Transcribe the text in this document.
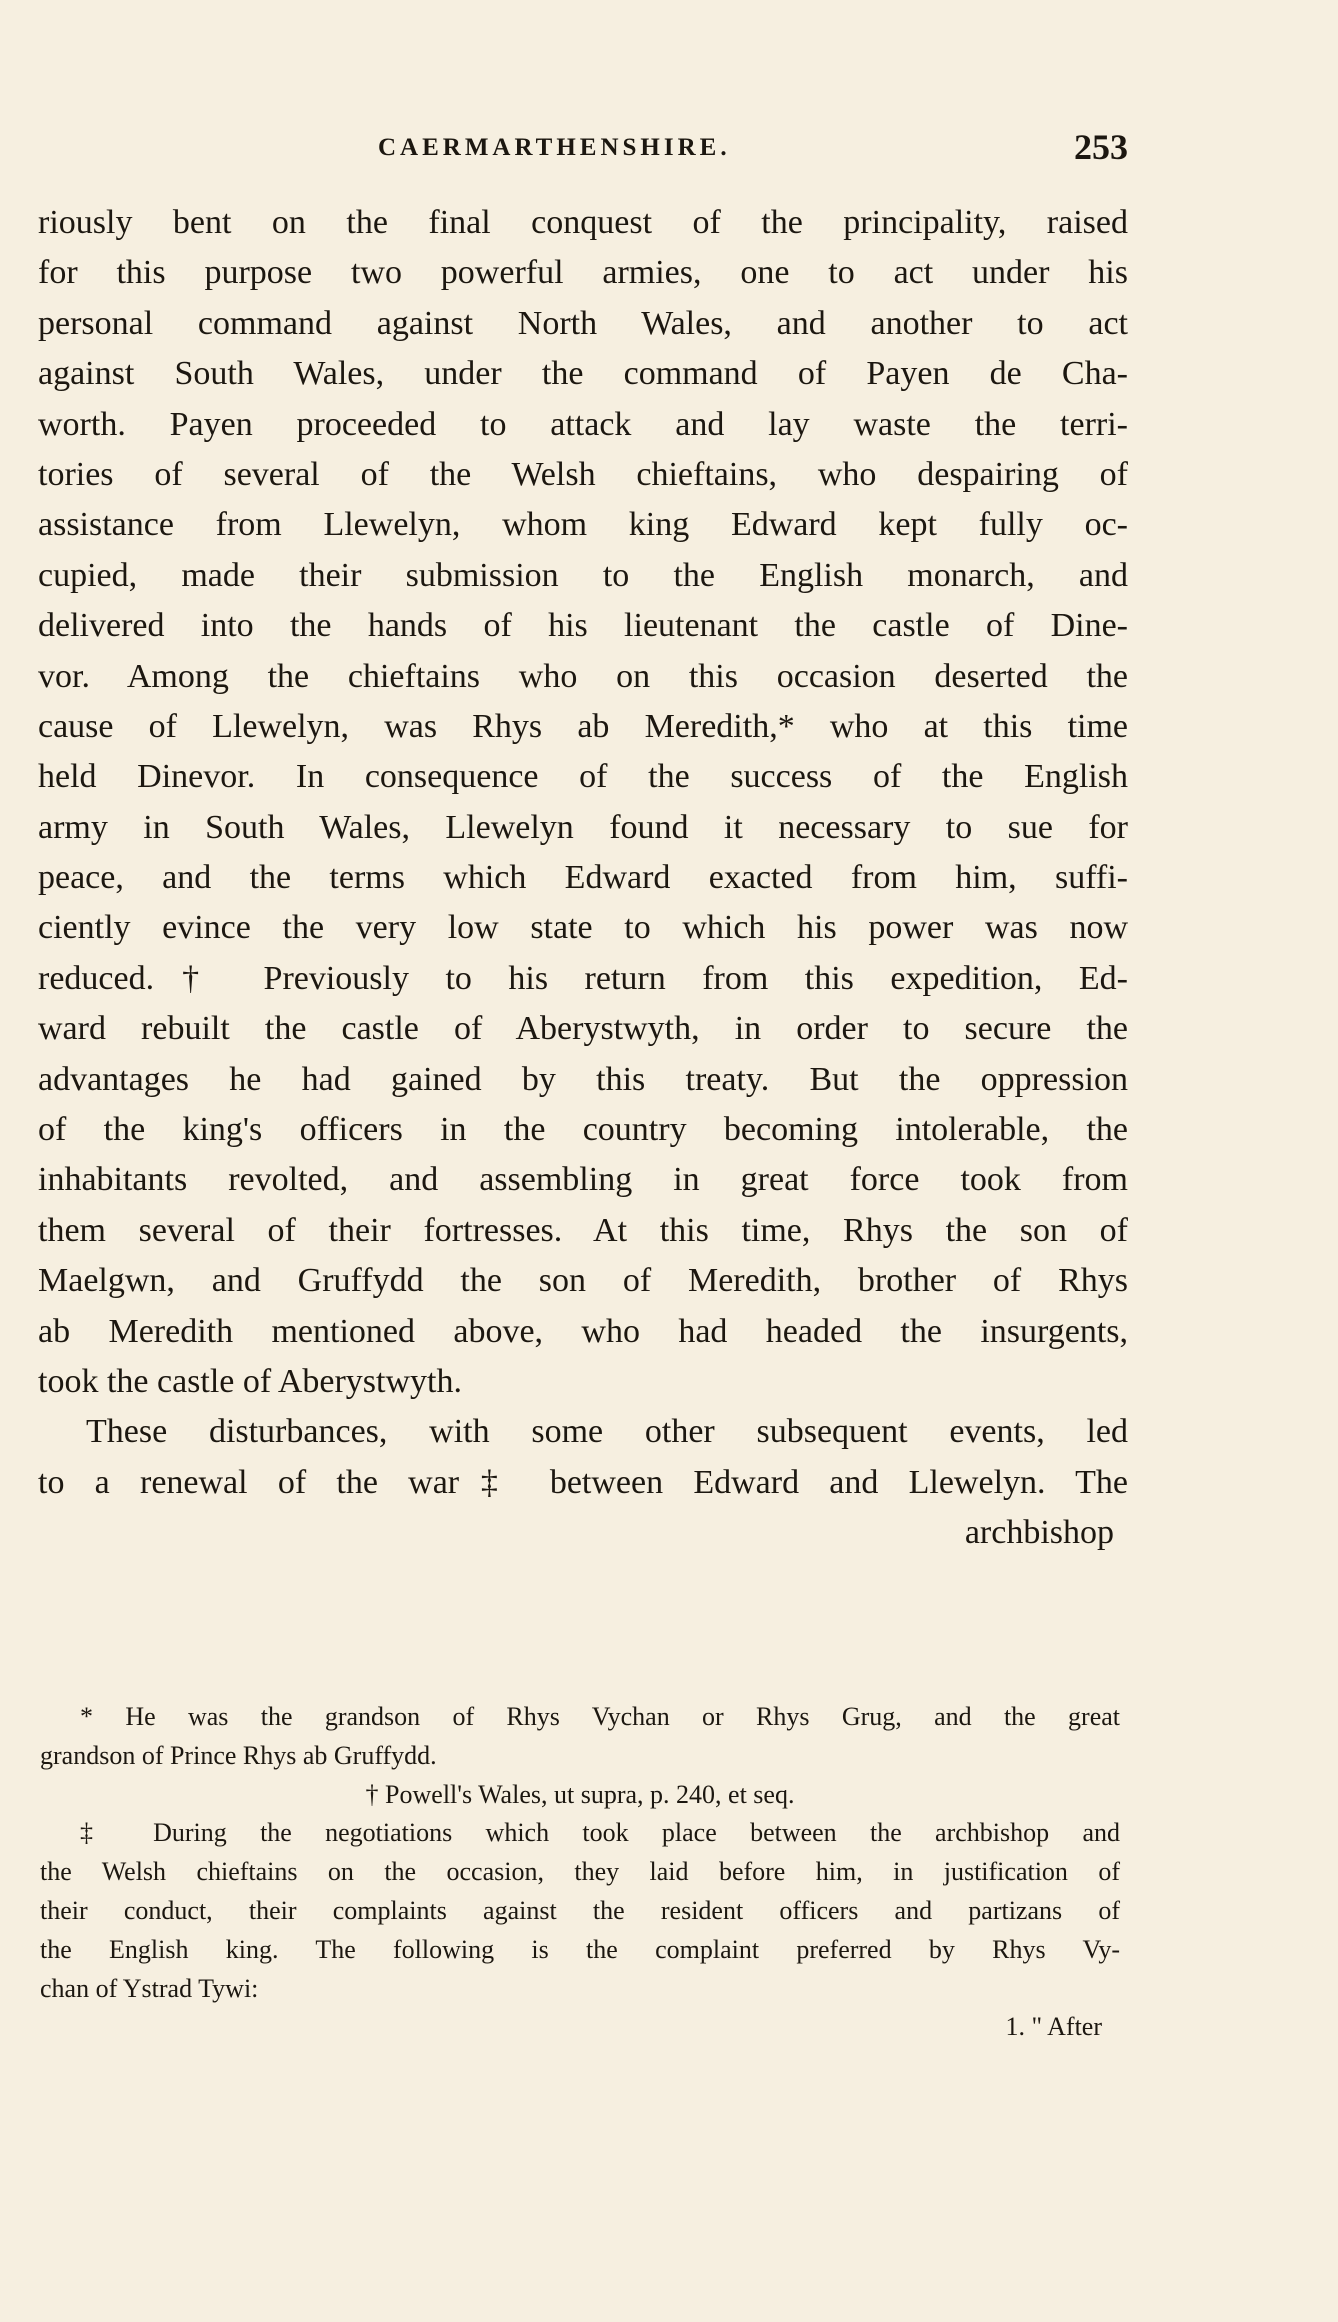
CAERMARTHENSHIRE.	253
riously bent on the final conquest of the principality, raised
for this purpose two powerful armies, one to act under his
personal command against North Wales, and another to act
against South Wales, under the command of Payen de Cha-
worth. Payen proceeded to attack and lay waste the terri-
tories of several of the Welsh chieftains, who despairing of
assistance from Llewelyn, whom king Edward kept fully oc-
cupied, made their submission to the English monarch, and
delivered into the hands of his lieutenant the castle of Dine-
vor. Among the chieftains who on this occasion deserted the
cause of Llewelyn, was Rhys ab Meredith,* who at this time
held Dinevor. In consequence of the success of the English
army in South Wales, Llewelyn found it necessary to sue for
peace, and the terms which Edward exacted from him, suffi-
ciently evince the very low state to which his power was now
reduced.† Previously to his return from this expedition, Ed-
ward rebuilt the castle of Aberystwyth, in order to secure the
advantages he had gained by this treaty. But the oppression
of the king's officers in the country becoming intolerable, the
inhabitants revolted, and assembling in great force took from
them several of their fortresses. At this time, Rhys the son of
Maelgwn, and Gruffydd the son of Meredith, brother of Rhys
ab Meredith mentioned above, who had headed the insurgents,
took the castle of Aberystwyth.
These disturbances, with some other subsequent events, led
to a renewal of the war‡ between Edward and Llewelyn. The
archbishop
* He was the grandson of Rhys Vychan or Rhys Grug, and the great
grandson of Prince Rhys ab Gruffydd.
† Powell's Wales, ut supra, p. 240, et seq.
‡ During the negotiations which took place between the archbishop and
the Welsh chieftains on the occasion, they laid before him, in justification of
their conduct, their complaints against the resident officers and partizans of
the English king. The following is the complaint preferred by Rhys Vy-
chan of Ystrad Tywi:
1. " After
